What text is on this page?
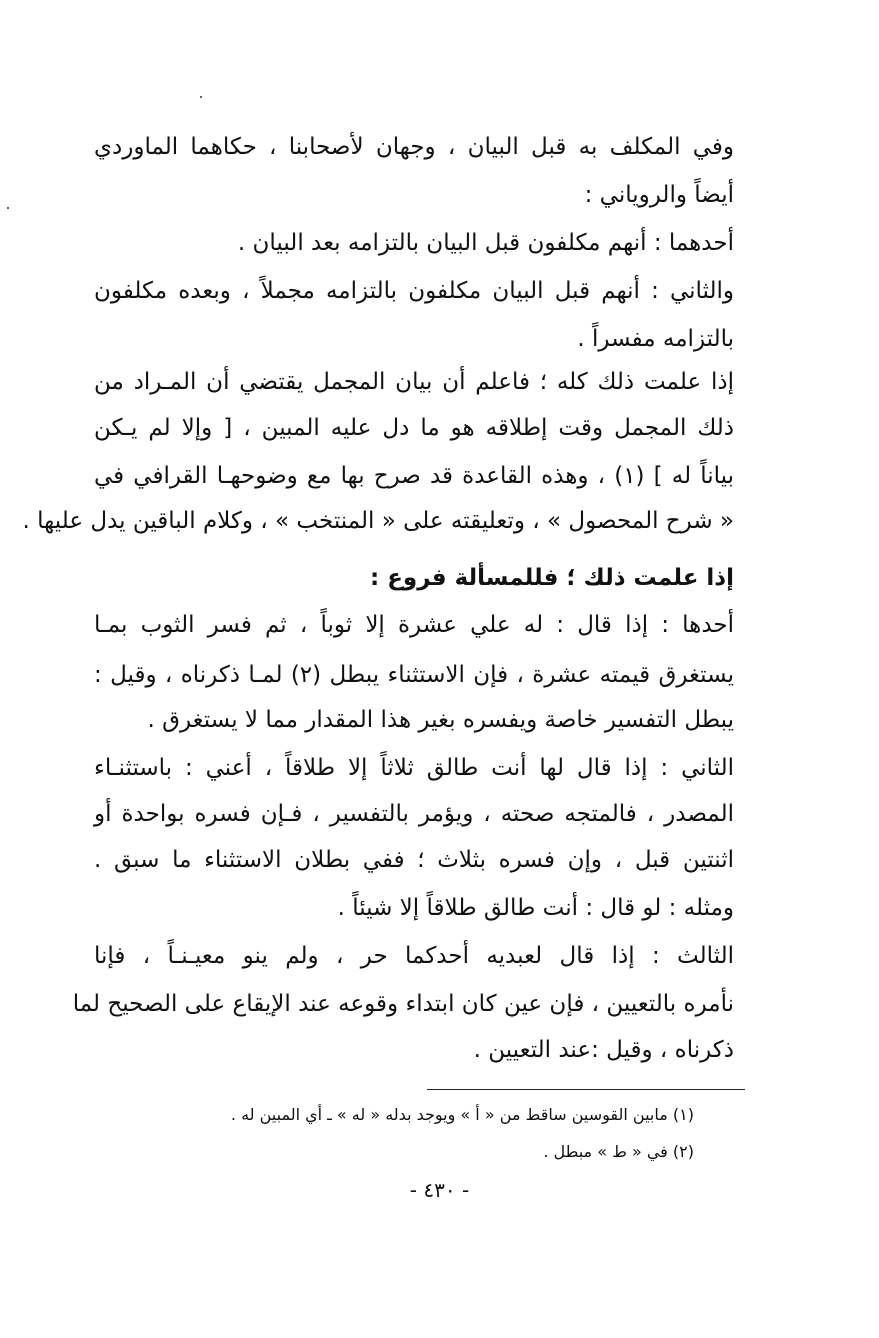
وفي المكلف به قبل البيان ، وجهان لأصحابنا ، حكاهما الماوردي
أيضاً والروياني :
أحدهما : أنهم مكلفون قبل البيان بالتزامه بعد البيان .
والثاني : أنهم قبل البيان مكلفون بالتزامه مجملاً ، وبعده مكلفون
بالتزامه مفسراً .
إذا علمت ذلك كله ؛ فاعلم أن بيان المجمل يقتضي أن المـراد من
ذلك المجمل وقت إطلاقه هو ما دل عليه المبين ، [ وإلا لم يـكن
بياناً له ] (١) ، وهذه القاعدة قد صرح بها مع وضوحهـا القرافي في
« شرح المحصول » ، وتعليقته على « المنتخب » ، وكلام الباقين يدل عليها .
إذا علمت ذلك ؛ فللمسألة فروع :
أحدها : إذا قال : له علي عشرة إلا ثوباً ، ثم فسر الثوب بمـا
يستغرق قيمته عشرة ، فإن الاستثناء يبطل (٢) لمـا ذكرناه ، وقيل :
يبطل التفسير خاصة ويفسره بغير هذا المقدار مما لا يستغرق .
الثاني : إذا قال لها أنت طالق ثلاثاً إلا طلاقاً ، أعني : باستثنـاء
المصدر ، فالمتجه صحته ، ويؤمر بالتفسير ، فـإن فسره بواحدة أو
اثنتين قبل ، وإن فسره بثلاث ؛ ففي بطلان الاستثناء ما سبق .
ومثله : لو قال : أنت طالق طلاقاً إلا شيئاً .
الثالث : إذا قال لعبديه أحدكما حر ، ولم ينو معيـنـاً ، فإنا
نأمره بالتعيين ، فإن عين كان ابتداء وقوعه عند الإيقاع على الصحيح لما
ذكرناه ، وقيل :عند التعيين .
(١) مابين القوسين ساقط من « أ » ويوجد بدله « له » ـ أي المبين له .
(٢) في « ط » مبطل .
- ٤٣٠ -
